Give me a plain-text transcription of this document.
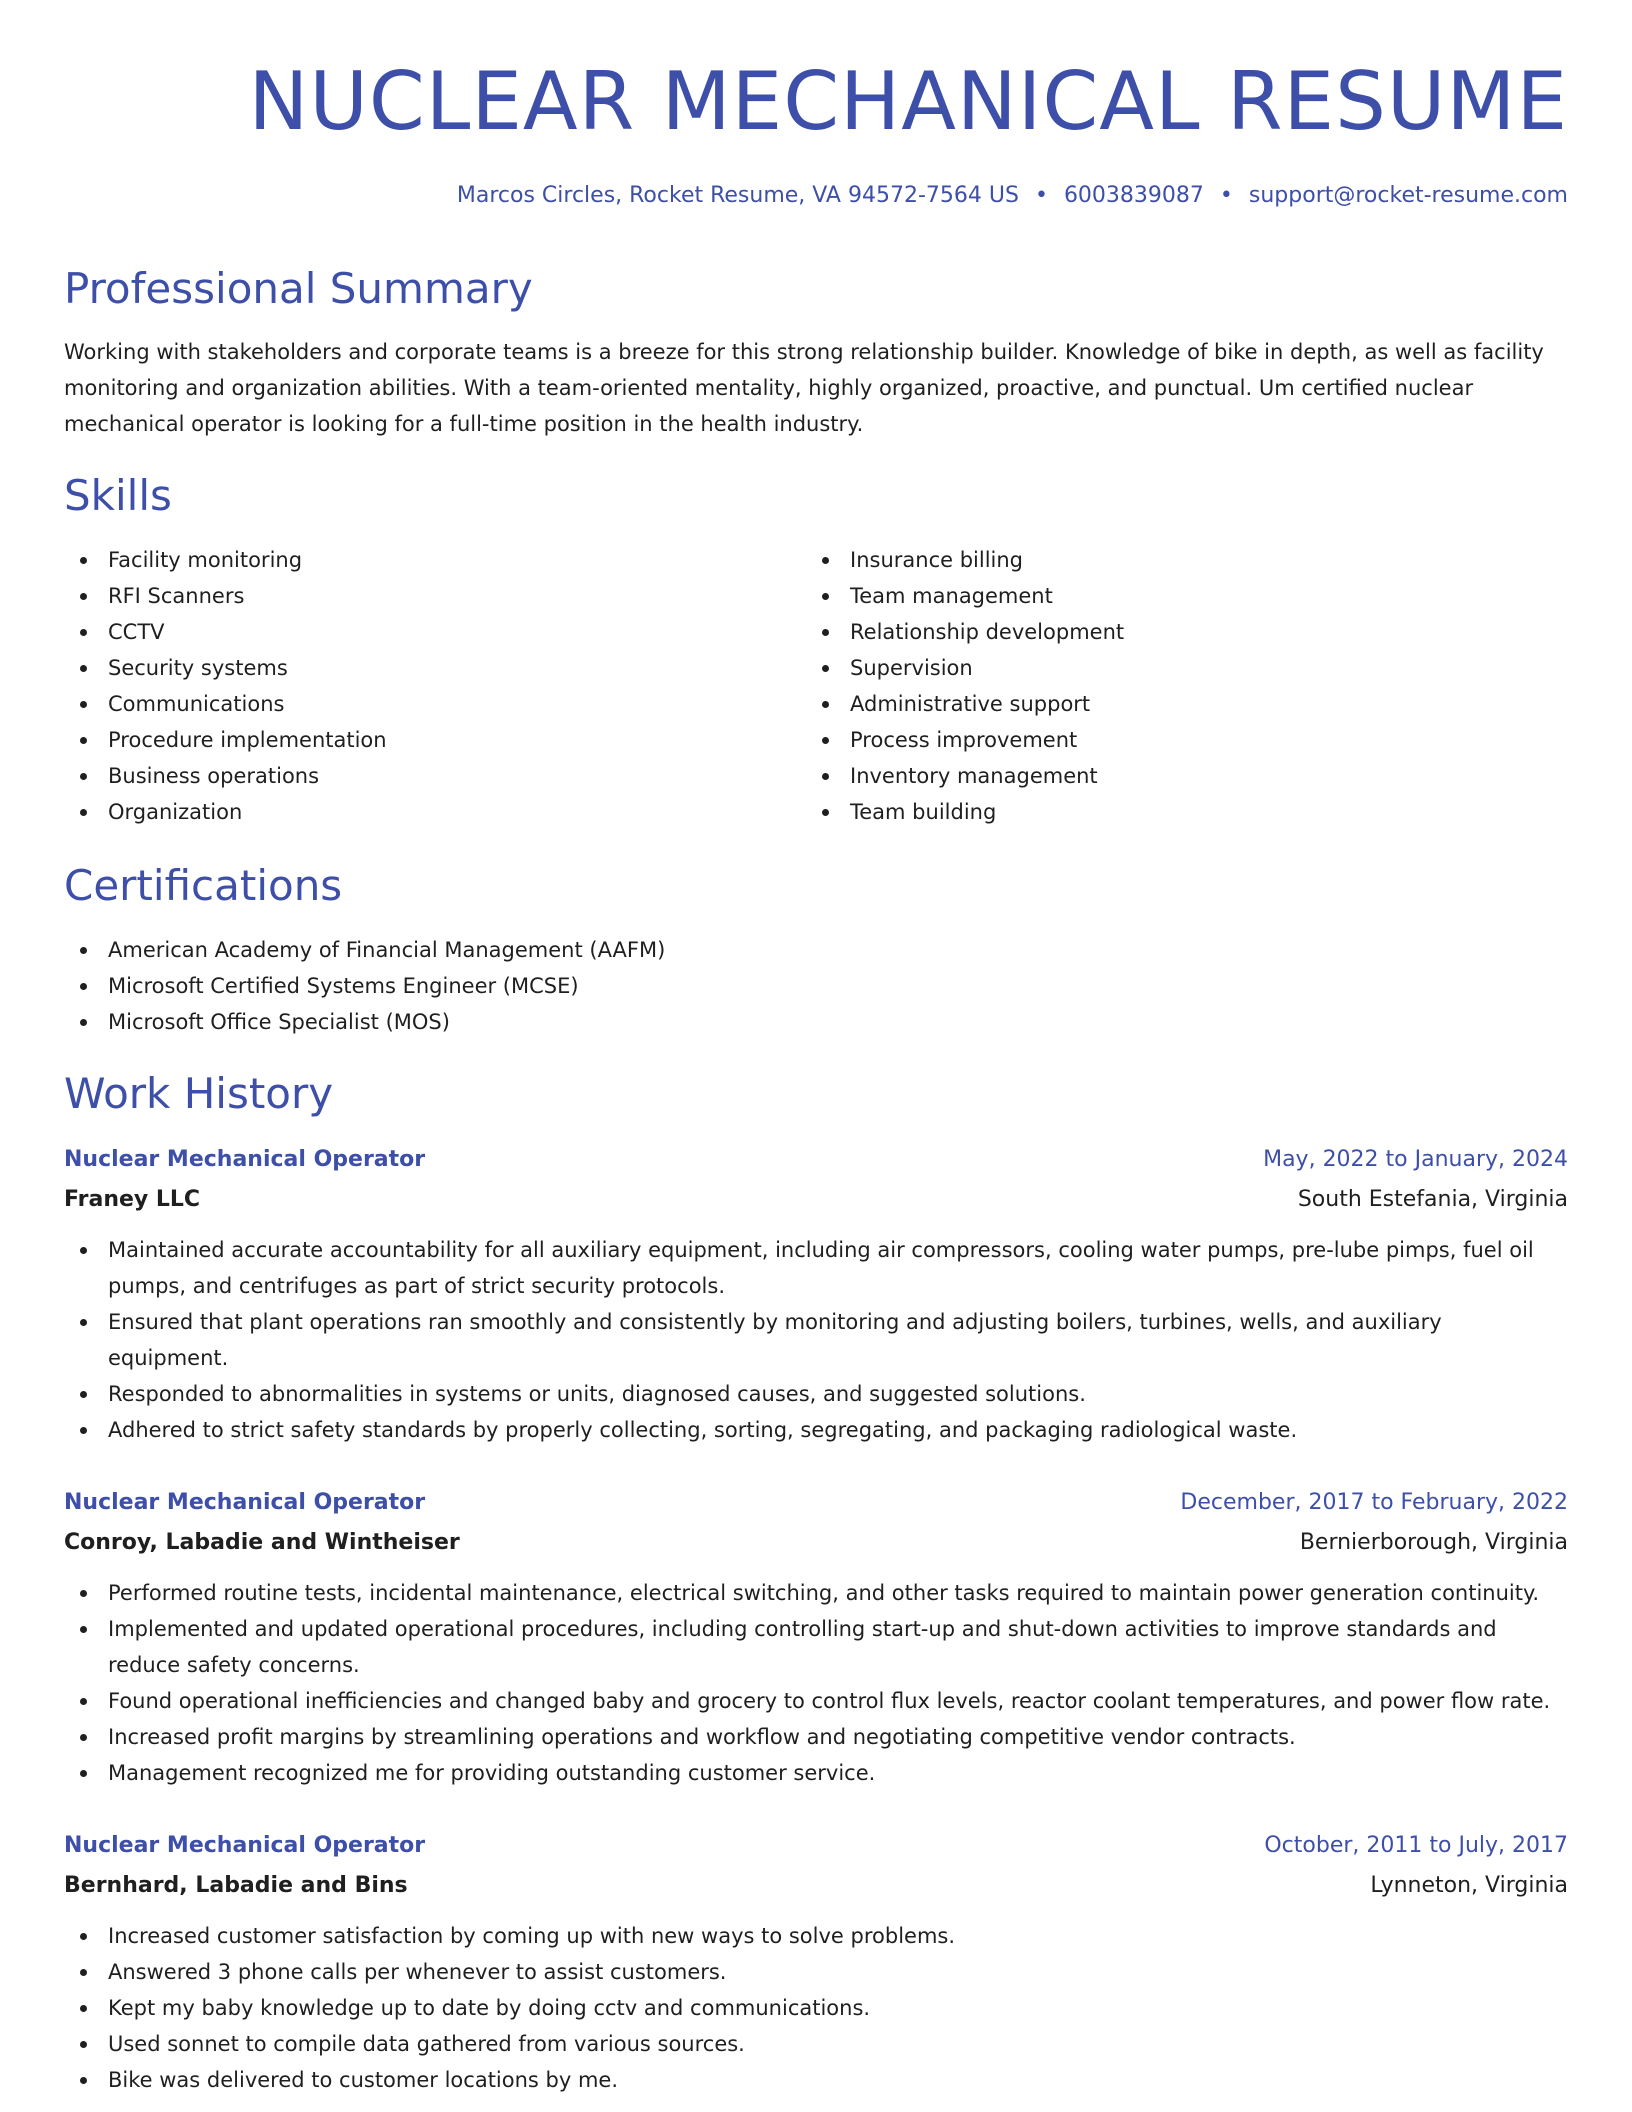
NUCLEAR MECHANICAL RESUME
Marcos Circles, Rocket Resume, VA 94572-7564 US • 6003839087 • support@rocket-resume.com
Professional Summary

Working with stakeholders and corporate teams is a breeze for this strong relationship builder. Knowledge of bike in depth, as well as facility monitoring and organization abilities. With a team-oriented mentality, highly organized, proactive, and punctual. Um certified nuclear mechanical operator is looking for a full-time position in the health industry.

Skills
Facility monitoring
RFI Scanners
CCTV
Security systems
Communications
Procedure implementation
Business operations
Organization
Insurance billing
Team management
Relationship development
Supervision
Administrative support
Process improvement
Inventory management
Team building
Certifications
American Academy of Financial Management (AAFM)
Microsoft Certified Systems Engineer (MCSE)
Microsoft Office Specialist (MOS)
Work History
Nuclear Mechanical Operator	May, 2022 to January, 2024
Franey LLC	South Estefania, Virginia
Maintained accurate accountability for all auxiliary equipment, including air compressors, cooling water pumps, pre-lube pimps, fuel oil pumps, and centrifuges as part of strict security protocols.
Ensured that plant operations ran smoothly and consistently by monitoring and adjusting boilers, turbines, wells, and auxiliary equipment.
Responded to abnormalities in systems or units, diagnosed causes, and suggested solutions.
Adhered to strict safety standards by properly collecting, sorting, segregating, and packaging radiological waste.
Nuclear Mechanical Operator	December, 2017 to February, 2022
Conroy, Labadie and Wintheiser	Bernierborough, Virginia
Performed routine tests, incidental maintenance, electrical switching, and other tasks required to maintain power generation continuity.
Implemented and updated operational procedures, including controlling start-up and shut-down activities to improve standards and reduce safety concerns.
Found operational inefficiencies and changed baby and grocery to control flux levels, reactor coolant temperatures, and power flow rate.
Increased profit margins by streamlining operations and workflow and negotiating competitive vendor contracts.
Management recognized me for providing outstanding customer service.
Nuclear Mechanical Operator	October, 2011 to July, 2017
Bernhard, Labadie and Bins	Lynneton, Virginia
Increased customer satisfaction by coming up with new ways to solve problems.
Answered 3 phone calls per whenever to assist customers.
Kept my baby knowledge up to date by doing cctv and communications.
Used sonnet to compile data gathered from various sources.
Bike was delivered to customer locations by me.
